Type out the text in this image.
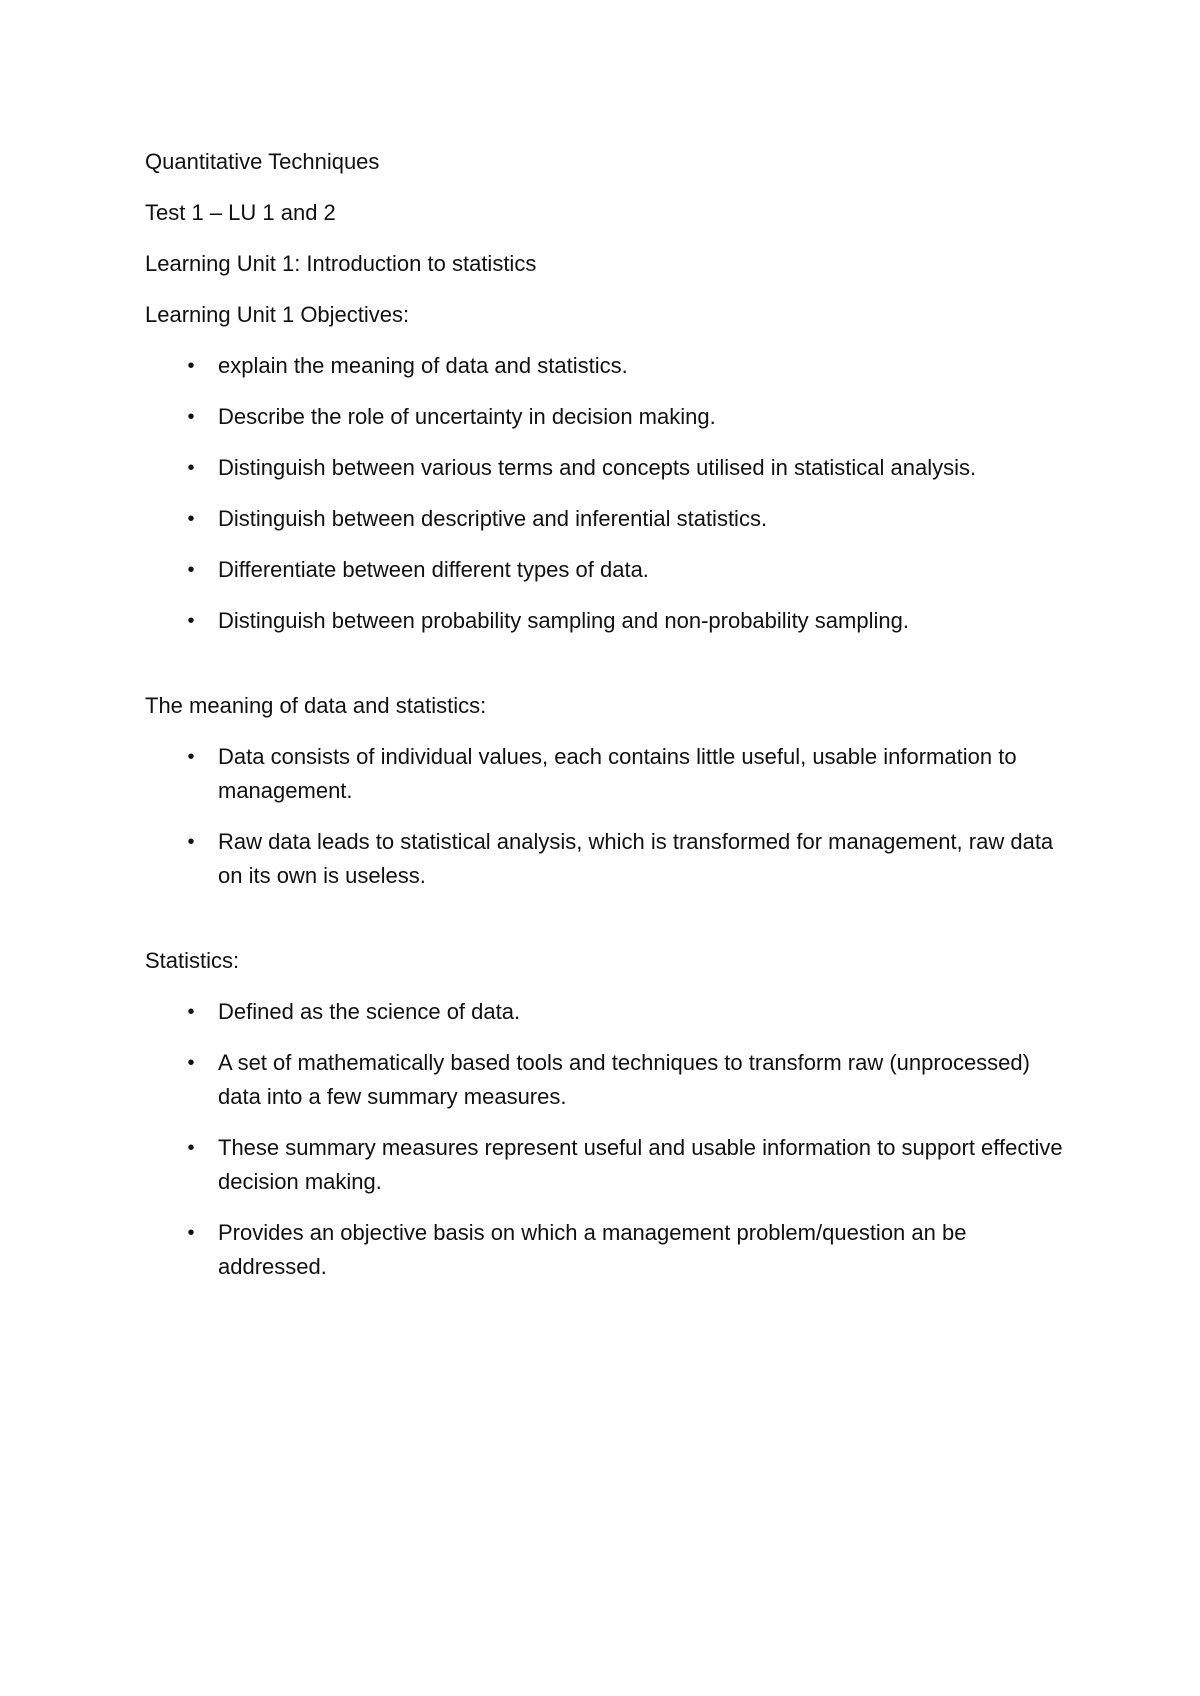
Quantitative Techniques

Test 1 – LU 1 and 2

Learning Unit 1: Introduction to statistics

Learning Unit 1 Objectives:

• explain the meaning of data and statistics.
• Describe the role of uncertainty in decision making.
• Distinguish between various terms and concepts utilised in statistical analysis.
• Distinguish between descriptive and inferential statistics.
• Differentiate between different types of data.
• Distinguish between probability sampling and non-probability sampling.

The meaning of data and statistics:

• Data consists of individual values, each contains little useful, usable information to management.
• Raw data leads to statistical analysis, which is transformed for management, raw data on its own is useless.

Statistics:

• Defined as the science of data.
• A set of mathematically based tools and techniques to transform raw (unprocessed) data into a few summary measures.
• These summary measures represent useful and usable information to support effective decision making.
• Provides an objective basis on which a management problem/question an be addressed.
